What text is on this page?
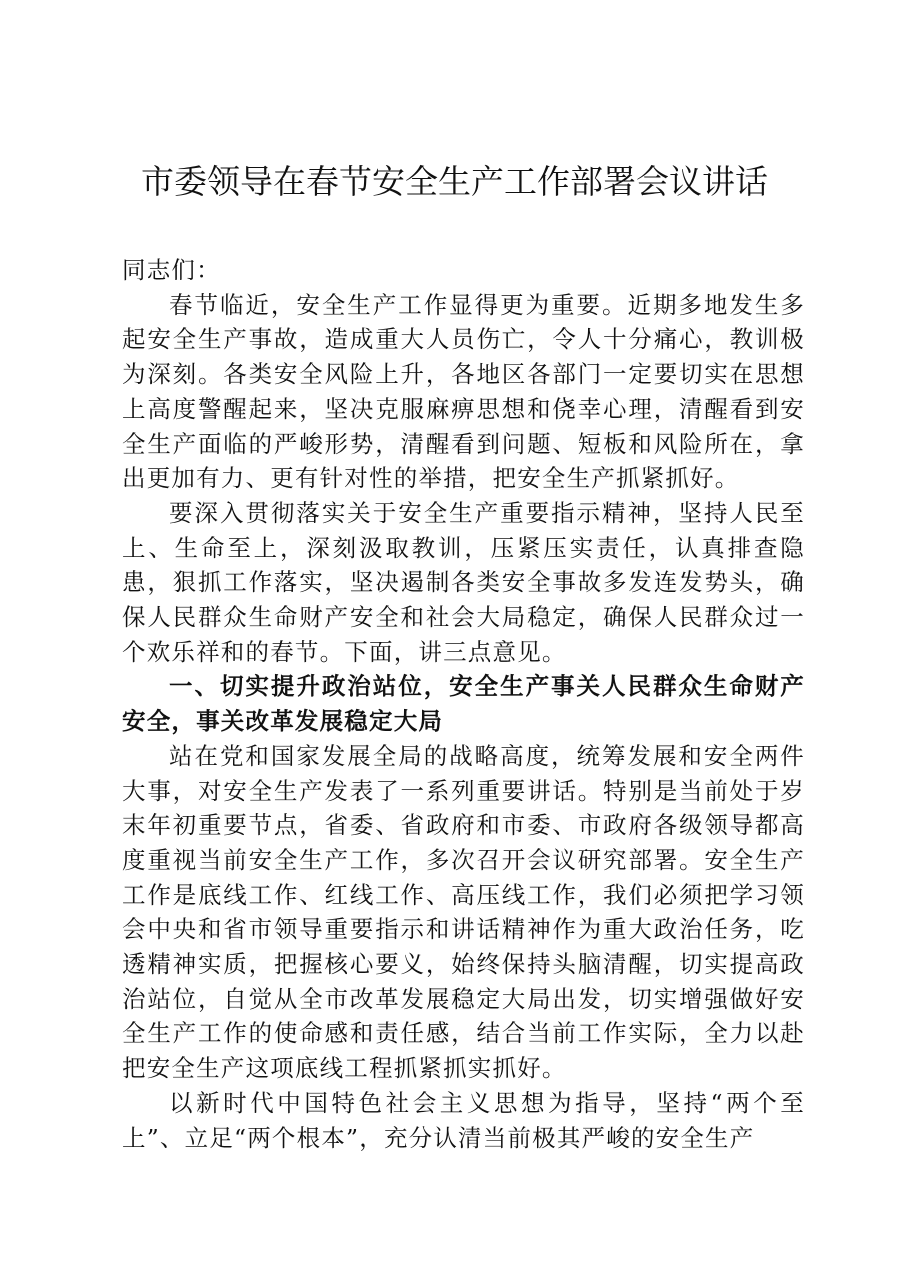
市委领导在春节安全生产工作部署会议讲话

同志们：

春节临近，安全生产工作显得更为重要。近期多地发生多起安全生产事故，造成重大人员伤亡，令人十分痛心，教训极为深刻。各类安全风险上升，各地区各部门一定要切实在思想上高度警醒起来，坚决克服麻痹思想和侥幸心理，清醒看到安全生产面临的严峻形势，清醒看到问题、短板和风险所在，拿出更加有力、更有针对性的举措，把安全生产抓紧抓好。

要深入贯彻落实关于安全生产重要指示精神，坚持人民至上、生命至上，深刻汲取教训，压紧压实责任，认真排查隐患，狠抓工作落实，坚决遏制各类安全事故多发连发势头，确保人民群众生命财产安全和社会大局稳定，确保人民群众过一个欢乐祥和的春节。下面，讲三点意见。

一、切实提升政治站位，安全生产事关人民群众生命财产安全，事关改革发展稳定大局

站在党和国家发展全局的战略高度，统筹发展和安全两件大事，对安全生产发表了一系列重要讲话。特别是当前处于岁末年初重要节点，省委、省政府和市委、市政府各级领导都高度重视当前安全生产工作，多次召开会议研究部署。安全生产工作是底线工作、红线工作、高压线工作，我们必须把学习领会中央和省市领导重要指示和讲话精神作为重大政治任务，吃透精神实质，把握核心要义，始终保持头脑清醒，切实提高政治站位，自觉从全市改革发展稳定大局出发，切实增强做好安全生产工作的使命感和责任感，结合当前工作实际，全力以赴把安全生产这项底线工程抓紧抓实抓好。

以新时代中国特色社会主义思想为指导，坚持“两个至上”、立足“两个根本”，充分认清当前极其严峻的安全生产
